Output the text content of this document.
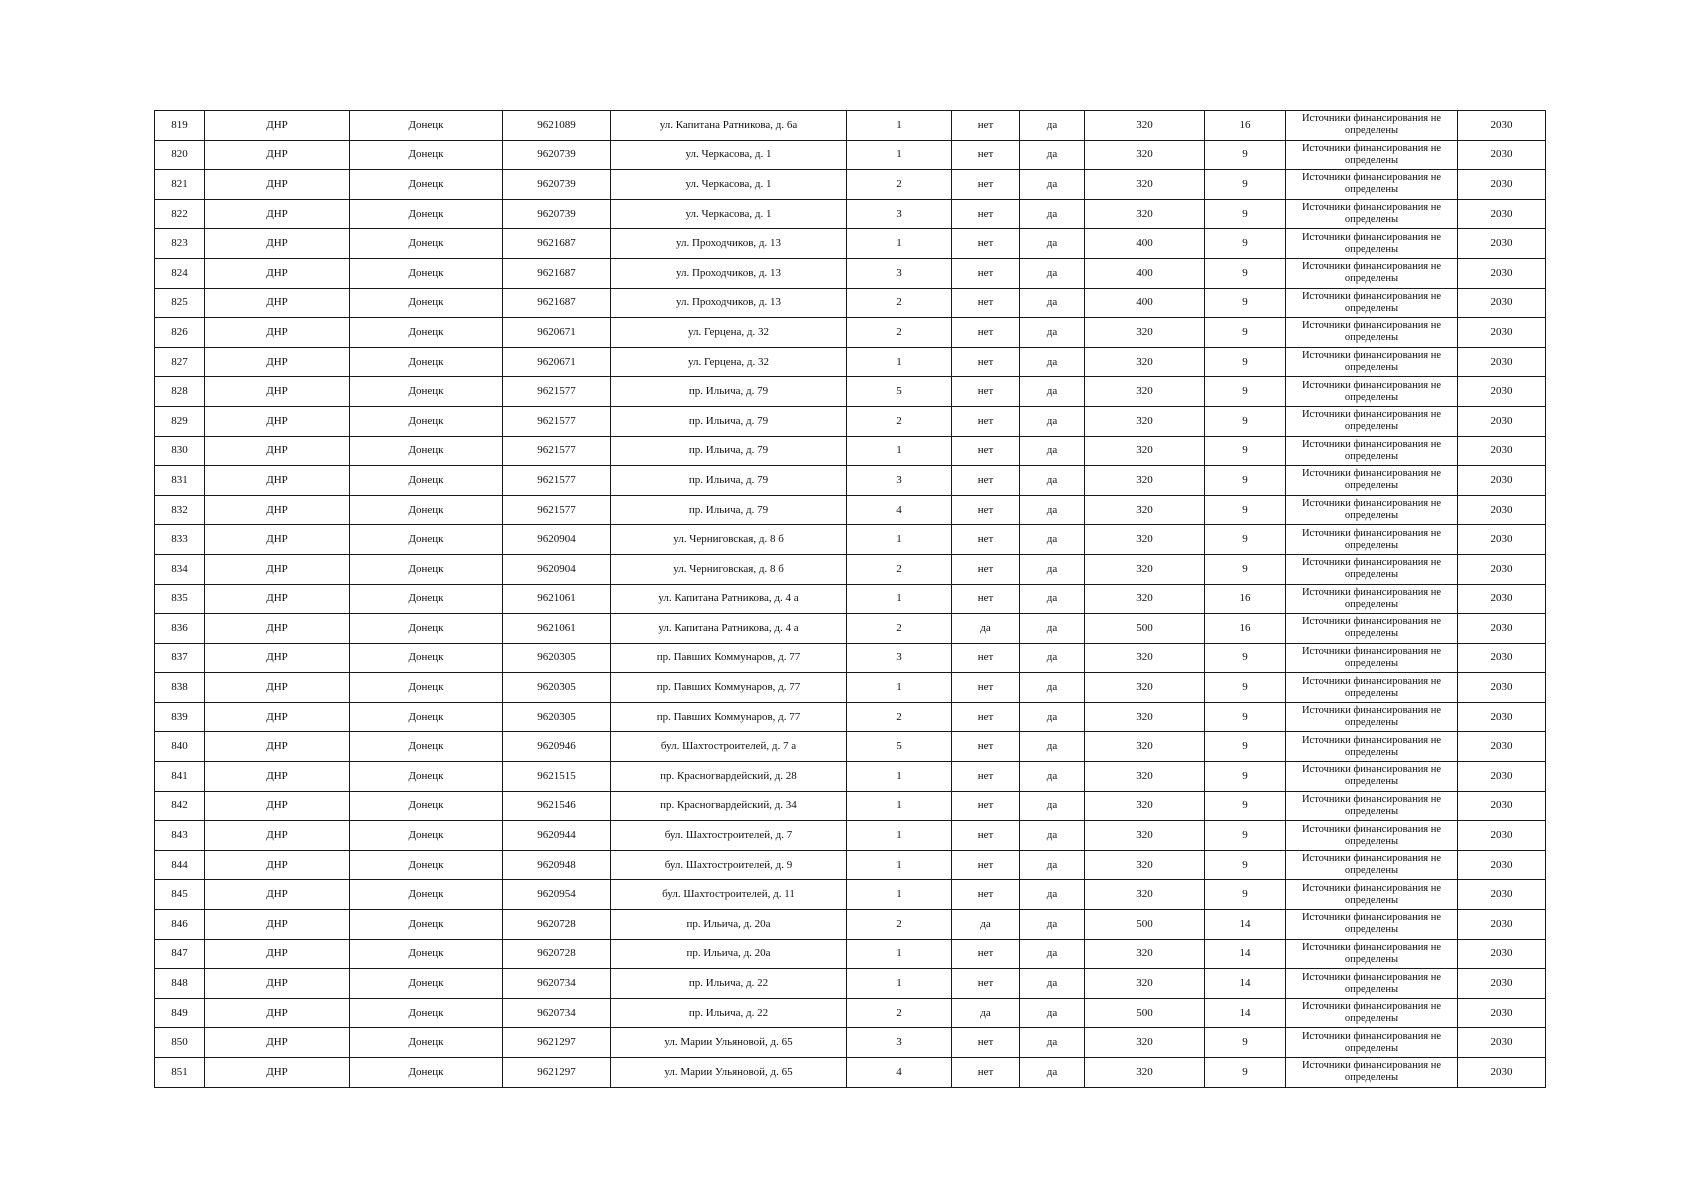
819	ДНР	Донецк	9621089	ул. Капитана Ратникова, д. 6а	1	нет	да	320	16	Источники финансирования не определены	2030
820	ДНР	Донецк	9620739	ул. Черкасова, д. 1	1	нет	да	320	9	Источники финансирования не определены	2030
821	ДНР	Донецк	9620739	ул. Черкасова, д. 1	2	нет	да	320	9	Источники финансирования не определены	2030
822	ДНР	Донецк	9620739	ул. Черкасова, д. 1	3	нет	да	320	9	Источники финансирования не определены	2030
823	ДНР	Донецк	9621687	ул. Проходчиков, д. 13	1	нет	да	400	9	Источники финансирования не определены	2030
824	ДНР	Донецк	9621687	ул. Проходчиков, д. 13	3	нет	да	400	9	Источники финансирования не определены	2030
825	ДНР	Донецк	9621687	ул. Проходчиков, д. 13	2	нет	да	400	9	Источники финансирования не определены	2030
826	ДНР	Донецк	9620671	ул. Герцена, д. 32	2	нет	да	320	9	Источники финансирования не определены	2030
827	ДНР	Донецк	9620671	ул. Герцена, д. 32	1	нет	да	320	9	Источники финансирования не определены	2030
828	ДНР	Донецк	9621577	пр. Ильича, д. 79	5	нет	да	320	9	Источники финансирования не определены	2030
829	ДНР	Донецк	9621577	пр. Ильича, д. 79	2	нет	да	320	9	Источники финансирования не определены	2030
830	ДНР	Донецк	9621577	пр. Ильича, д. 79	1	нет	да	320	9	Источники финансирования не определены	2030
831	ДНР	Донецк	9621577	пр. Ильича, д. 79	3	нет	да	320	9	Источники финансирования не определены	2030
832	ДНР	Донецк	9621577	пр. Ильича, д. 79	4	нет	да	320	9	Источники финансирования не определены	2030
833	ДНР	Донецк	9620904	ул. Черниговская, д. 8 б	1	нет	да	320	9	Источники финансирования не определены	2030
834	ДНР	Донецк	9620904	ул. Черниговская, д. 8 б	2	нет	да	320	9	Источники финансирования не определены	2030
835	ДНР	Донецк	9621061	ул. Капитана Ратникова, д. 4 а	1	нет	да	320	16	Источники финансирования не определены	2030
836	ДНР	Донецк	9621061	ул. Капитана Ратникова, д. 4 а	2	да	да	500	16	Источники финансирования не определены	2030
837	ДНР	Донецк	9620305	пр. Павших Коммунаров, д. 77	3	нет	да	320	9	Источники финансирования не определены	2030
838	ДНР	Донецк	9620305	пр. Павших Коммунаров, д. 77	1	нет	да	320	9	Источники финансирования не определены	2030
839	ДНР	Донецк	9620305	пр. Павших Коммунаров, д. 77	2	нет	да	320	9	Источники финансирования не определены	2030
840	ДНР	Донецк	9620946	бул. Шахтостроителей, д. 7 а	5	нет	да	320	9	Источники финансирования не определены	2030
841	ДНР	Донецк	9621515	пр. Красногвардейский, д. 28	1	нет	да	320	9	Источники финансирования не определены	2030
842	ДНР	Донецк	9621546	пр. Красногвардейский, д. 34	1	нет	да	320	9	Источники финансирования не определены	2030
843	ДНР	Донецк	9620944	бул. Шахтостроителей, д. 7	1	нет	да	320	9	Источники финансирования не определены	2030
844	ДНР	Донецк	9620948	бул. Шахтостроителей, д. 9	1	нет	да	320	9	Источники финансирования не определены	2030
845	ДНР	Донецк	9620954	бул. Шахтостроителей, д. 11	1	нет	да	320	9	Источники финансирования не определены	2030
846	ДНР	Донецк	9620728	пр. Ильича, д. 20а	2	да	да	500	14	Источники финансирования не определены	2030
847	ДНР	Донецк	9620728	пр. Ильича, д. 20а	1	нет	да	320	14	Источники финансирования не определены	2030
848	ДНР	Донецк	9620734	пр. Ильича, д. 22	1	нет	да	320	14	Источники финансирования не определены	2030
849	ДНР	Донецк	9620734	пр. Ильича, д. 22	2	да	да	500	14	Источники финансирования не определены	2030
850	ДНР	Донецк	9621297	ул. Марии Ульяновой, д. 65	3	нет	да	320	9	Источники финансирования не определены	2030
851	ДНР	Донецк	9621297	ул. Марии Ульяновой, д. 65	4	нет	да	320	9	Источники финансирования не определены	2030
